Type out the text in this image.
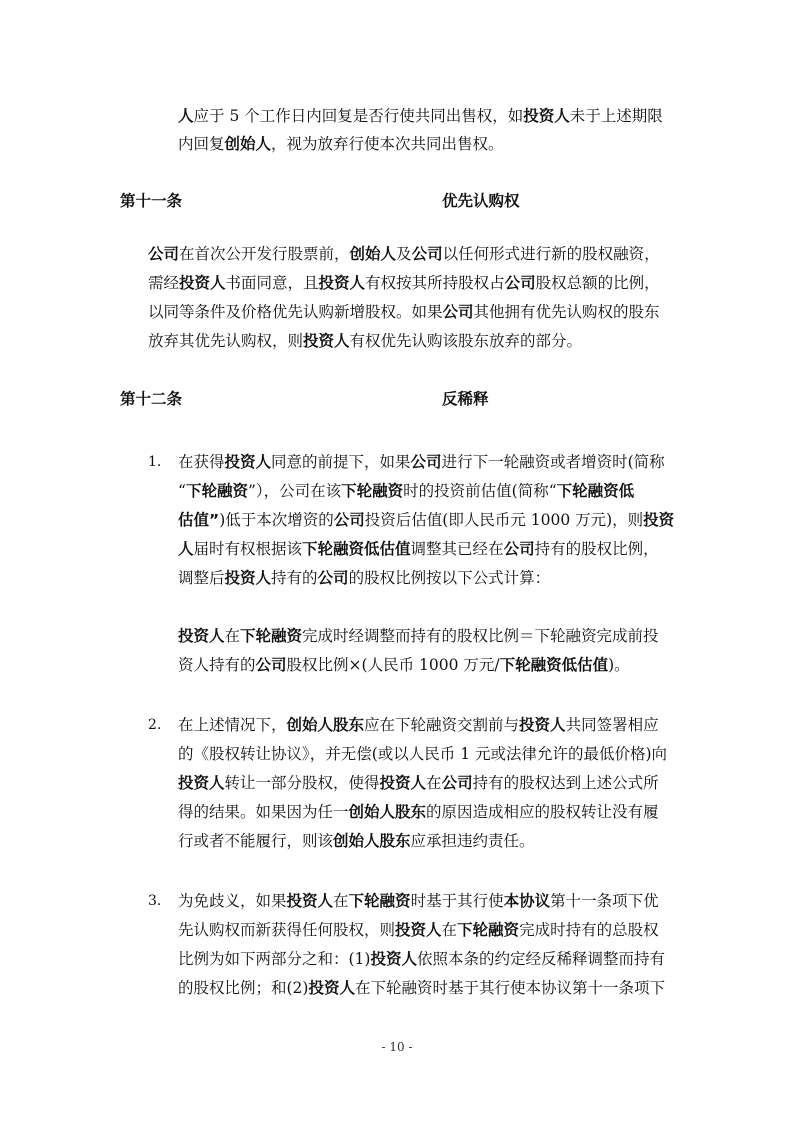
人应于 5 个工作日内回复是否行使共同出售权，如投资人未于上述期限
内回复创始人，视为放弃行使本次共同出售权。
第十一条	优先认购权
公司在首次公开发行股票前，创始人及公司以任何形式进行新的股权融资，
需经投资人书面同意，且投资人有权按其所持股权占公司股权总额的比例，
以同等条件及价格优先认购新增股权。如果公司其他拥有优先认购权的股东
放弃其优先认购权，则投资人有权优先认购该股东放弃的部分。
第十二条	反稀释
1. 在获得投资人同意的前提下，如果公司进行下一轮融资或者增资时(简称
“下轮融资”），公司在该下轮融资时的投资前估值(简称“下轮融资低
估值”)低于本次增资的公司投资后估值(即人民币元 1000 万元)，则投资
人届时有权根据该下轮融资低估值调整其已经在公司持有的股权比例，
调整后投资人持有的公司的股权比例按以下公式计算：
投资人在下轮融资完成时经调整而持有的股权比例＝下轮融资完成前投
资人持有的公司股权比例×(人民币 1000 万元/下轮融资低估值)。
2. 在上述情况下，创始人股东应在下轮融资交割前与投资人共同签署相应
的《股权转让协议》，并无偿(或以人民币 1 元或法律允许的最低价格)向
投资人转让一部分股权，使得投资人在公司持有的股权达到上述公式所
得的结果。如果因为任一创始人股东的原因造成相应的股权转让没有履
行或者不能履行，则该创始人股东应承担违约责任。
3. 为免歧义，如果投资人在下轮融资时基于其行使本协议第十一条项下优
先认购权而新获得任何股权，则投资人在下轮融资完成时持有的总股权
比例为如下两部分之和：(1)投资人依照本条的约定经反稀释调整而持有
的股权比例；和(2)投资人在下轮融资时基于其行使本协议第十一条项下
- 10 -
